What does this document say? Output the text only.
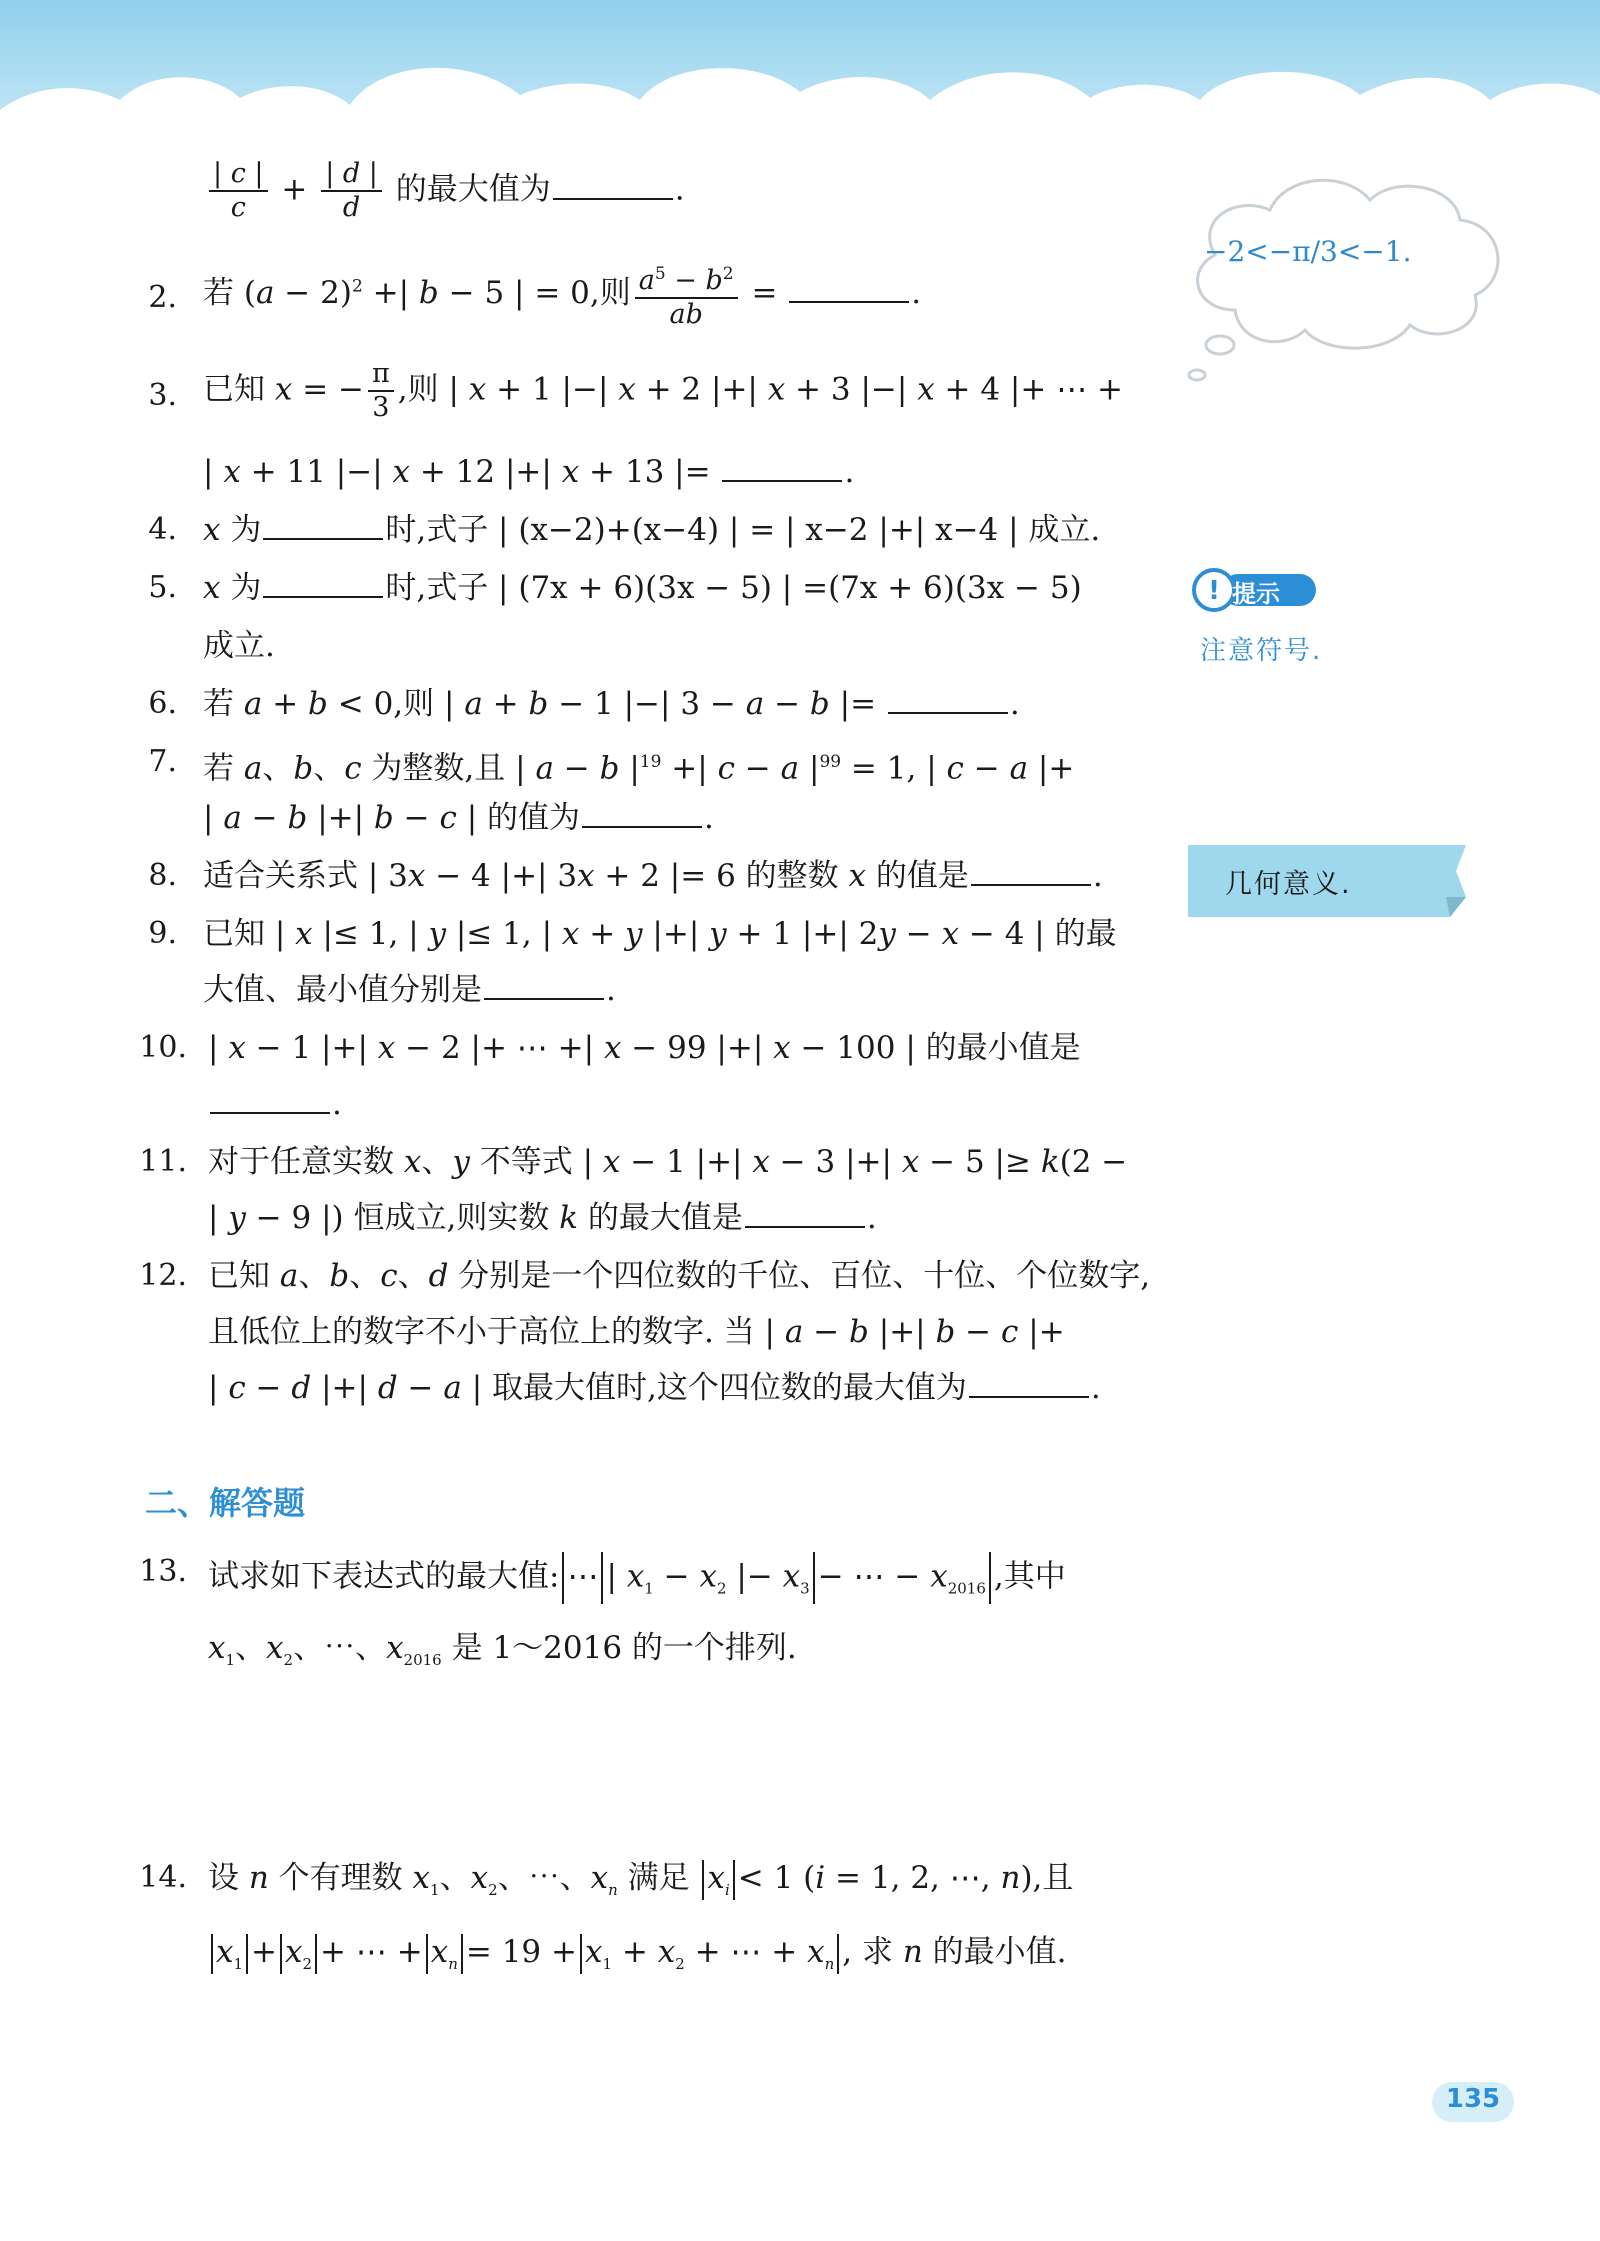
$\frac{| c |}{c} + \frac{| d |}{d}$ 的最大值为	.
2. 若 $(a - 2)^2$ +| b − 5 | = 0,则 $\frac{a^5 - b^2}{ab}$ =	.
3. 已知 x = − $\frac{\pi}{3}$ ,则 | x + 1 |−| x + 2 |+| x + 3 |−| x + 4 |+ ⋯ +
| x + 11 |−| x + 12 |+| x + 13 |=	.
4. x 为	时,式子 | (x−2)+(x−4) | = | x−2 |+| x−4 | 成立.
5. x 为	时,式子 | (7x + 6)(3x − 5) | =(7x + 6)(3x − 5)
成立.
6. 若 a + b < 0,则 | a + b − 1 |−| 3 − a − b |=	.
7. 若 a、b、c 为整数,且 | a − b $|^{19}$ +| c − a $|^{99} = 1$, | c − a |+
| a − b |+| b − c | 的值为	.
8. 适合关系式 | 3x − 4 |+| 3x + 2 |= 6 的整数 x 的值是	.
9. 已知 | x |≤ 1, | y |≤ 1, | x + y |+| y + 1 |+| 2y − x − 4 | 的最
大值、最小值分别是	.
10. | x − 1 |+| x − 2 |+ ⋯ +| x − 99 |+| x − 100 | 的最小值是
.
11. 对于任意实数 x、y 不等式 | x − 1 |+| x − 3 |+| x − 5 |≥ k(2 −
| y − 9 |) 恒成立,则实数 k 的最大值是	.
12. 已知 a、b、c、d 分别是一个四位数的千位、百位、十位、个位数字,
且低位上的数字不小于高位上的数字. 当 | a − b |+| b − c |+
| c − d |+| d − a | 取最大值时,这个四位数的最大值为	.
二、解答题
13. 试求如下表达式的最大值: ⋯ | $x_1 - x_2$ |− $x_3$ − ⋯ − $x_{2016}$ ,其中
$x_1$、$x_2$、⋯、$x_{2016}$ 是 1～2016 的一个排列.
14. 设 n 个有理数 $x_1$、$x_2$、⋯、$x_n$ 满足 $x_i < 1$ (i = 1, 2, ⋯, n),且
$x_1 + x_2$ + ⋯ + $x_n = 19 + x_1 + x_2$ + ⋯ + $x_n$ , 求 n 的最小值.
−2<−π/3<−1.
! 提示
注意符号.
几何意义.
135
